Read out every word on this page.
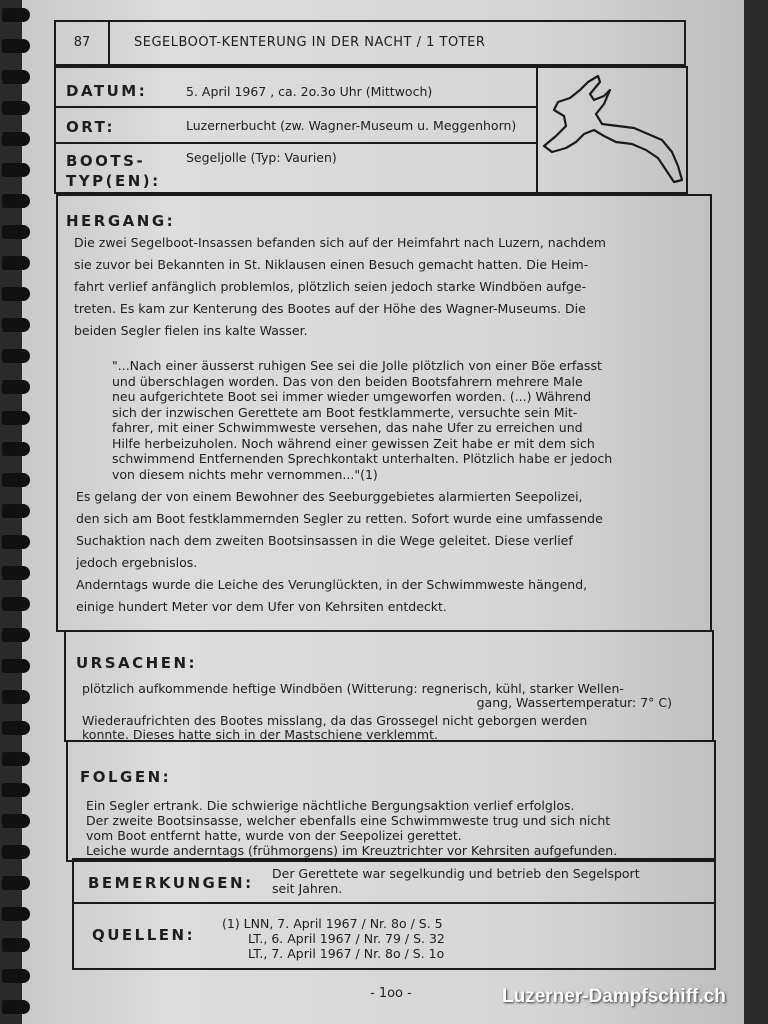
87	SEGELBOOT-KENTERUNG IN DER NACHT / 1 TOTER
DATUM:	5. April 1967 , ca. 2o.3o Uhr (Mittwoch)
ORT:	Luzernerbucht (zw. Wagner-Museum u. Meggenhorn)
BOOTS-
TYP(EN):
Segeljolle (Typ: Vaurien)
HERGANG:
Die zwei Segelboot-Insassen befanden sich auf der Heimfahrt nach Luzern, nachdem
sie zuvor bei Bekannten in St. Niklausen einen Besuch gemacht hatten. Die Heim-
fahrt verlief anfänglich problemlos, plötzlich seien jedoch starke Windböen aufge-
treten. Es kam zur Kenterung des Bootes auf der Höhe des Wagner-Museums. Die
beiden Segler fielen ins kalte Wasser.
"...Nach einer äusserst ruhigen See sei die Jolle plötzlich von einer Böe erfasst
und überschlagen worden. Das von den beiden Bootsfahrern mehrere Male
neu aufgerichtete Boot sei immer wieder umgeworfen worden. (...) Während
sich der inzwischen Gerettete am Boot festklammerte, versuchte sein Mit-
fahrer, mit einer Schwimmweste versehen, das nahe Ufer zu erreichen und
Hilfe herbeizuholen. Noch während einer gewissen Zeit habe er mit dem sich
schwimmend Entfernenden Sprechkontakt unterhalten. Plötzlich habe er jedoch
von diesem nichts mehr vernommen..."(1)
Es gelang der von einem Bewohner des Seeburggebietes alarmierten Seepolizei,
den sich am Boot festklammernden Segler zu retten. Sofort wurde eine umfassende
Suchaktion nach dem zweiten Bootsinsassen in die Wege geleitet. Diese verlief
jedoch ergebnislos.
Anderntags wurde die Leiche des Verunglückten, in der Schwimmweste hängend,
einige hundert Meter vor dem Ufer von Kehrsiten entdeckt.
URSACHEN:
plötzlich aufkommende heftige Windböen (Witterung: regnerisch, kühl, starker Wellen-
gang, Wassertemperatur: 7° C)
Wiederaufrichten des Bootes misslang, da das Grossegel nicht geborgen werden
konnte. Dieses hatte sich in der Mastschiene verklemmt.
FOLGEN:
Ein Segler ertrank. Die schwierige nächtliche Bergungsaktion verlief erfolglos.
Der zweite Bootsinsasse, welcher ebenfalls eine Schwimmweste trug und sich nicht
vom Boot entfernt hatte, wurde von der Seepolizei gerettet.
Leiche wurde anderntags (frühmorgens) im Kreuztrichter vor Kehrsiten aufgefunden.
BEMERKUNGEN:
Der Gerettete war segelkundig und betrieb den Segelsport
seit Jahren.
QUELLEN:
(1) LNN, 7. April 1967 / Nr. 8o / S. 5
LT., 6. April 1967 / Nr. 79 / S. 32
LT., 7. April 1967 / Nr. 8o / S. 1o
- 1oo -	Luzerner-Dampfschiff.ch
